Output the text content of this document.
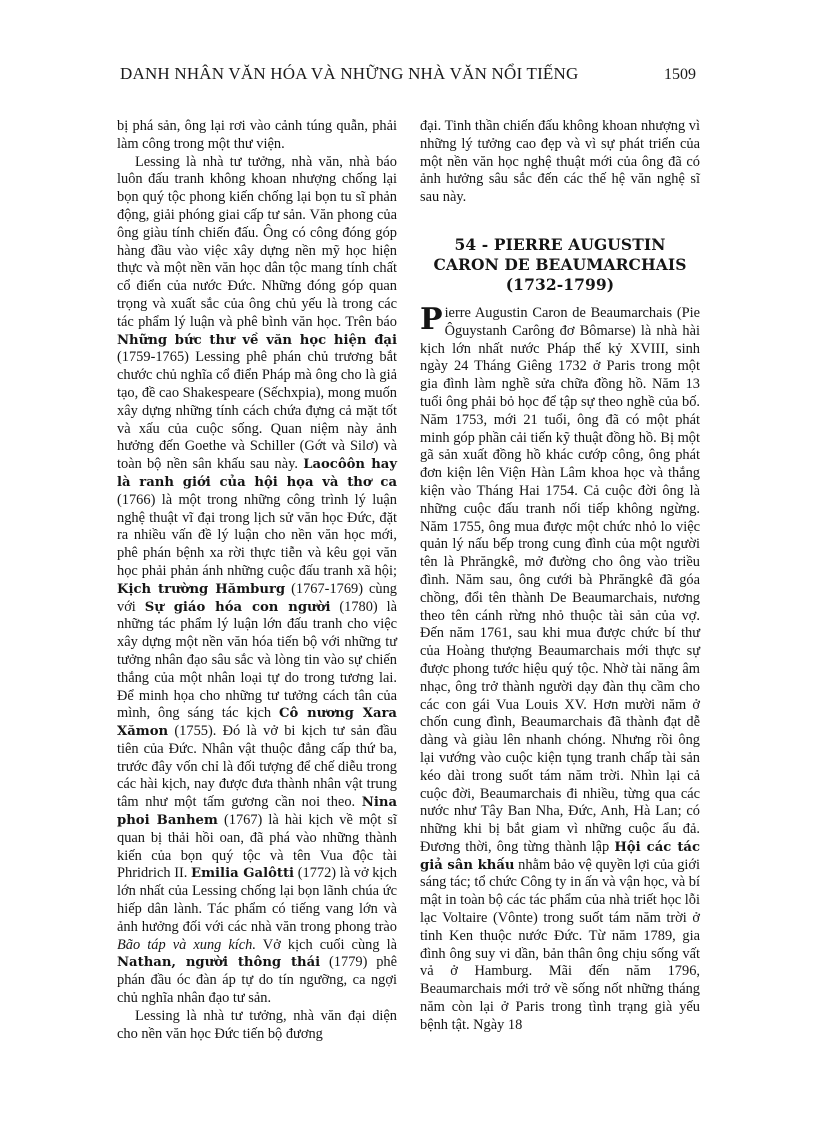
DANH NHÂN VĂN HÓA VÀ NHỮNG NHÀ VĂN NỔI TIẾNG	1509

bị phá sản, ông lại rơi vào cảnh túng quẫn, phải làm công trong một thư viện.

Lessing là nhà tư tưởng, nhà văn, nhà báo luôn đấu tranh không khoan nhượng chống lại bọn quý tộc phong kiến chống lại bọn tu sĩ phản động, giải phóng giai cấp tư sản. Văn phong của ông giàu tính chiến đấu. Ông có công đóng góp hàng đầu vào việc xây dựng nền mỹ học hiện thực và một nền văn học dân tộc mang tính chất cổ điển của nước Đức. Những đóng góp quan trọng và xuất sắc của ông chủ yếu là trong các tác phẩm lý luận và phê bình văn học. Trên báo Những bức thư về văn học hiện đại (1759-1765) Lessing phê phán chủ trương bắt chước chủ nghĩa cổ điển Pháp mà ông cho là giả tạo, đề cao Shakespeare (Sếchxpia), mong muốn xây dựng những tính cách chứa đựng cả mặt tốt và xấu của cuộc sống. Quan niệm này ảnh hưởng đến Goethe và Schiller (Gớt và Silơ) và toàn bộ nền sân khấu sau này. Laocôôn hay là ranh giới của hội họa và thơ ca (1766) là một trong những công trình lý luận nghệ thuật vĩ đại trong lịch sử văn học Đức, đặt ra nhiều vấn đề lý luận cho nền văn học mới, phê phán bệnh xa rời thực tiễn và kêu gọi văn học phải phản ánh những cuộc đấu tranh xã hội; Kịch trường Hămburg (1767-1769) cùng với Sự giáo hóa con người (1780) là những tác phẩm lý luận lớn đấu tranh cho việc xây dựng một nền văn hóa tiến bộ với những tư tưởng nhân đạo sâu sắc và lòng tin vào sự chiến thắng của một nhân loại tự do trong tương lai. Để minh họa cho những tư tưởng cách tân của mình, ông sáng tác kịch Cô nương Xara Xămon (1755). Đó là vở bi kịch tư sản đầu tiên của Đức. Nhân vật thuộc đẳng cấp thứ ba, trước đây vốn chỉ là đối tượng để chế diễu trong các hài kịch, nay được đưa thành nhân vật trung tâm như một tấm gương cần noi theo. Nina phoi Banhem (1767) là hài kịch về một sĩ quan bị thải hồi oan, đã phá vào những thành kiến của bọn quý tộc và tên Vua độc tài Phridrich II. Emilia Galôtti (1772) là vở kịch lớn nhất của Lessing chống lại bọn lãnh chúa ức hiếp dân lành. Tác phẩm có tiếng vang lớn và ảnh hưởng đối với các nhà văn trong phong trào Bão táp và xung kích. Vở kịch cuối cùng là Nathan, người thông thái (1779) phê phán đầu óc đàn áp tự do tín ngưỡng, ca ngợi chủ nghĩa nhân đạo tư sản.

Lessing là nhà tư tưởng, nhà văn đại diện cho nền văn học Đức tiến bộ đương

đại. Tinh thần chiến đấu không khoan nhượng vì những lý tưởng cao đẹp và vì sự phát triển của một nền văn học nghệ thuật mới của ông đã có ảnh hưởng sâu sắc đến các thế hệ văn nghệ sĩ sau này.

54 - PIERRE AUGUSTIN CARON DE BEAUMARCHAIS (1732-1799)

Pierre Augustin Caron de Beaumarchais (Pie Ôguystanh Carông đơ Bômarse) là nhà hài kịch lớn nhất nước Pháp thế kỷ XVIII, sinh ngày 24 Tháng Giêng 1732 ở Paris trong một gia đình làm nghề sửa chữa đồng hồ. Năm 13 tuổi ông phải bỏ học để tập sự theo nghề của bố. Năm 1753, mới 21 tuổi, ông đã có một phát minh góp phần cải tiến kỹ thuật đồng hồ. Bị một gã sản xuất đồng hồ khác cướp công, ông phát đơn kiện lên Viện Hàn Lâm khoa học và thắng kiện vào Tháng Hai 1754. Cả cuộc đời ông là những cuộc đấu tranh nối tiếp không ngừng. Năm 1755, ông mua được một chức nhỏ lo việc quản lý nấu bếp trong cung đình của một người tên là Phrăngkê, mở đường cho ông vào triều đình. Năm sau, ông cưới bà Phrăngkê đã góa chồng, đổi tên thành De Beaumarchais, nương theo tên cánh rừng nhỏ thuộc tài sản của vợ. Đến năm 1761, sau khi mua được chức bí thư của Hoàng thượng Beaumarchais mới thực sự được phong tước hiệu quý tộc. Nhờ tài năng âm nhạc, ông trở thành người dạy đàn thụ cầm cho các con gái Vua Louis XV. Hơn mười năm ở chốn cung đình, Beaumarchais đã thành đạt dễ dàng và giàu lên nhanh chóng. Nhưng rồi ông lại vướng vào cuộc kiện tụng tranh chấp tài sản kéo dài trong suốt tám năm trời. Nhìn lại cả cuộc đời, Beaumarchais đi nhiều, từng qua các nước như Tây Ban Nha, Đức, Anh, Hà Lan; có những khi bị bắt giam vì những cuộc ẩu đả. Đương thời, ông từng thành lập Hội các tác giả sân khấu nhằm bảo vệ quyền lợi của giới sáng tác; tổ chức Công ty in ấn và vận học, và bí mật in toàn bộ các tác phẩm của nhà triết học lỗi lạc Voltaire (Vônte) trong suốt tám năm trời ở tỉnh Ken thuộc nước Đức. Từ năm 1789, gia đình ông suy vi dần, bản thân ông chịu sống vất vả ở Hamburg. Mãi đến năm 1796, Beaumarchais mới trở về sống nốt những tháng năm còn lại ở Paris trong tình trạng già yếu bệnh tật. Ngày 18
